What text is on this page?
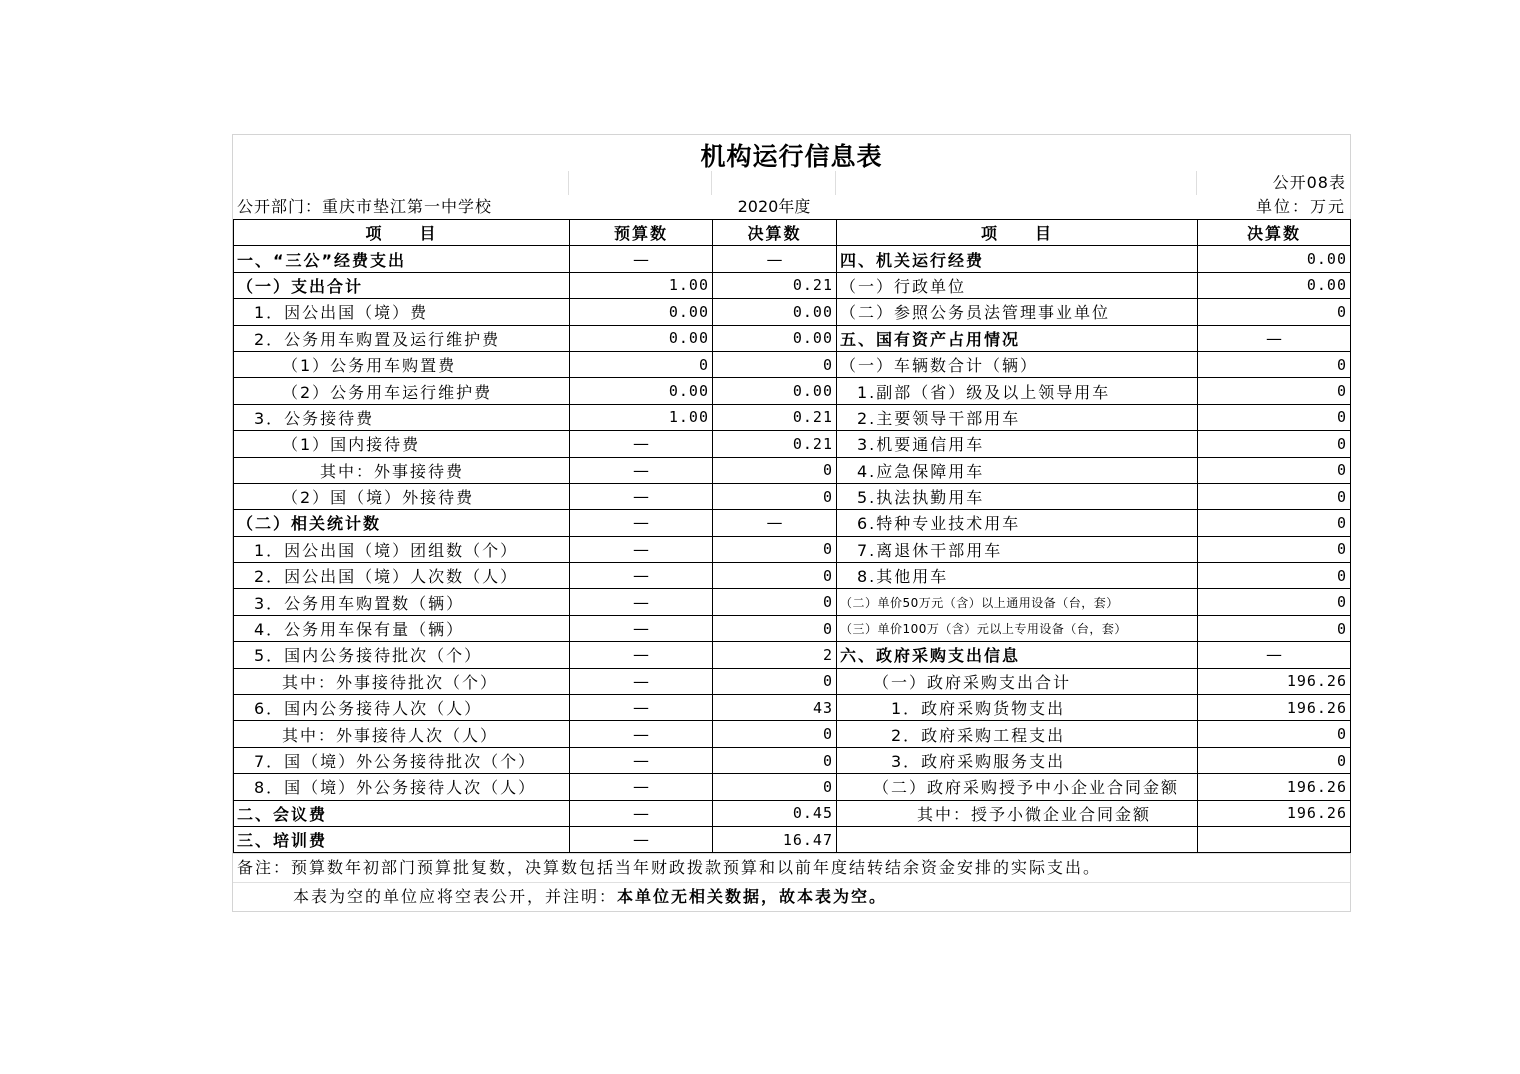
机构运行信息表
公开08表
公开部门：重庆市垫江第一中学校	2020年度	单位：万元
项　　目	预算数	决算数	项　　目	决算数
一、“三公”经费支出	—	—	四、机关运行经费	0.00
（一）支出合计	1.00	0.21	（一）行政单位	0.00
1．因公出国（境）费	0.00	0.00	（二）参照公务员法管理事业单位	0
2．公务用车购置及运行维护费	0.00	0.00	五、国有资产占用情况	—
（1）公务用车购置费	0	0	（一）车辆数合计（辆）	0
（2）公务用车运行维护费	0.00	0.00	1.副部（省）级及以上领导用车	0
3．公务接待费	1.00	0.21	2.主要领导干部用车	0
（1）国内接待费	—	0.21	3.机要通信用车	0
其中：外事接待费	—	0	4.应急保障用车	0
（2）国（境）外接待费	—	0	5.执法执勤用车	0
（二）相关统计数	—	—	6.特种专业技术用车	0
1．因公出国（境）团组数（个）	—	0	7.离退休干部用车	0
2．因公出国（境）人次数（人）	—	0	8.其他用车	0
3．公务用车购置数（辆）	—	0	（二）单价50万元（含）以上通用设备（台，套）	0
4．公务用车保有量（辆）	—	0	（三）单价100万（含）元以上专用设备（台，套）	0
5．国内公务接待批次（个）	—	2	六、政府采购支出信息	—
其中：外事接待批次（个）	—	0	（一）政府采购支出合计	196.26
6．国内公务接待人次（人）	—	43	1．政府采购货物支出	196.26
其中：外事接待人次（人）	—	0	2．政府采购工程支出	0
7．国（境）外公务接待批次（个）	—	0	3．政府采购服务支出	0
8．国（境）外公务接待人次（人）	—	0	（二）政府采购授予中小企业合同金额	196.26
二、会议费	—	0.45	其中：授予小微企业合同金额	196.26
三、培训费	—	16.47		
备注：预算数年初部门预算批复数，决算数包括当年财政拨款预算和以前年度结转结余资金安排的实际支出。
本表为空的单位应将空表公开，并注明：本单位无相关数据，故本表为空。
